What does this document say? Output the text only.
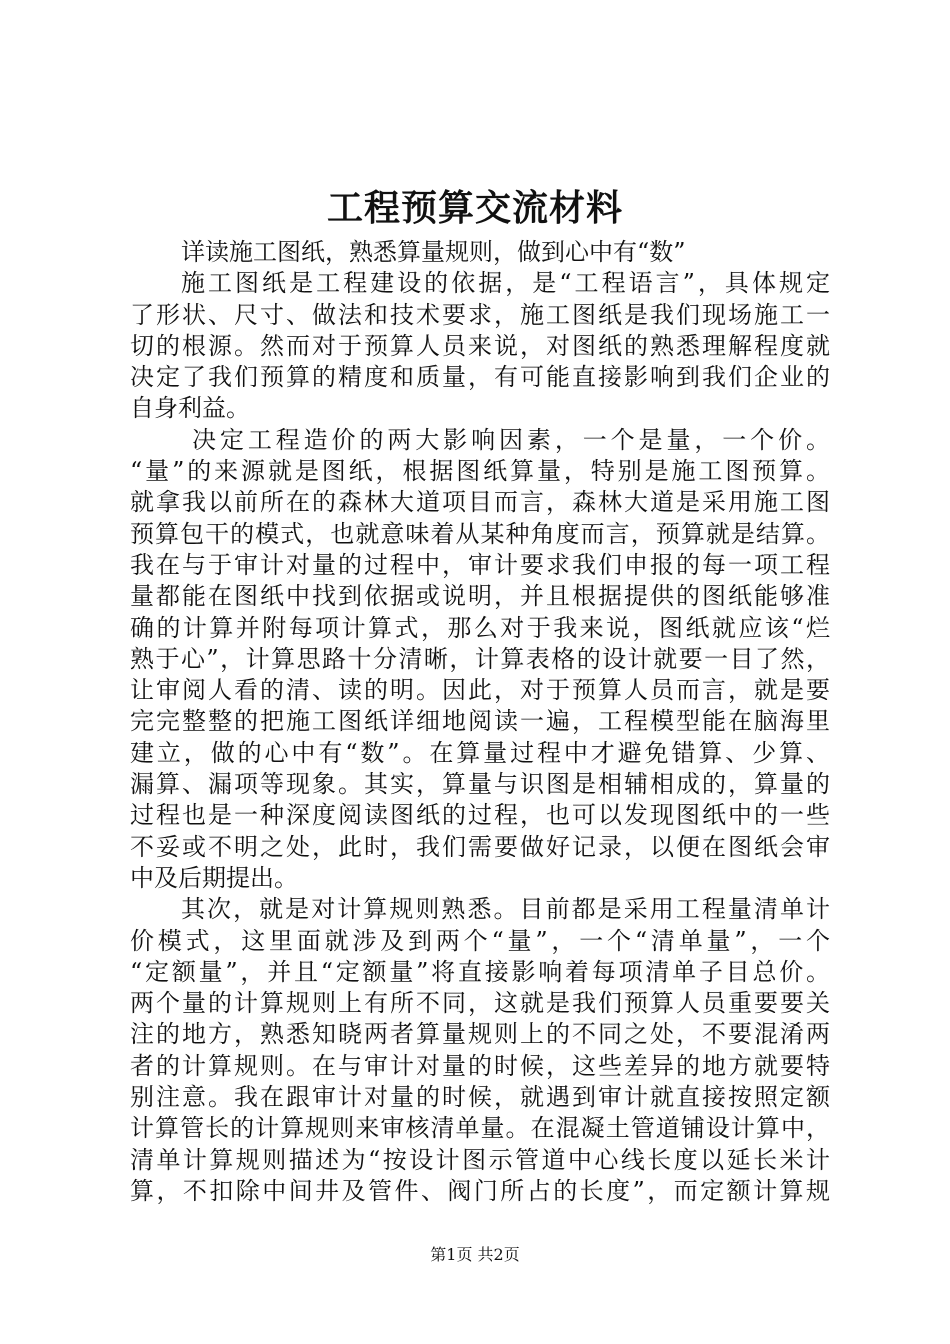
工程预算交流材料
详读施工图纸，熟悉算量规则，做到心中有“数”
施工图纸是工程建设的依据，是“工程语言”，具体规定
了形状、尺寸、做法和技术要求，施工图纸是我们现场施工一
切的根源。然而对于预算人员来说，对图纸的熟悉理解程度就
决定了我们预算的精度和质量，有可能直接影响到我们企业的
自身利益。
决定工程造价的两大影响因素，一个是量，一个价。
“量”的来源就是图纸，根据图纸算量，特别是施工图预算。
就拿我以前所在的森林大道项目而言，森林大道是采用施工图
预算包干的模式，也就意味着从某种角度而言，预算就是结算。
我在与于审计对量的过程中，审计要求我们申报的每一项工程
量都能在图纸中找到依据或说明，并且根据提供的图纸能够准
确的计算并附每项计算式，那么对于我来说，图纸就应该“烂
熟于心”，计算思路十分清晰，计算表格的设计就要一目了然，
让审阅人看的清、读的明。因此，对于预算人员而言，就是要
完完整整的把施工图纸详细地阅读一遍，工程模型能在脑海里
建立，做的心中有“数”。在算量过程中才避免错算、少算、
漏算、漏项等现象。其实，算量与识图是相辅相成的，算量的
过程也是一种深度阅读图纸的过程，也可以发现图纸中的一些
不妥或不明之处，此时，我们需要做好记录，以便在图纸会审
中及后期提出。
其次，就是对计算规则熟悉。目前都是采用工程量清单计
价模式，这里面就涉及到两个“量”，一个“清单量”，一个
“定额量”，并且“定额量”将直接影响着每项清单子目总价。
两个量的计算规则上有所不同，这就是我们预算人员重要要关
注的地方，熟悉知晓两者算量规则上的不同之处，不要混淆两
者的计算规则。在与审计对量的时候，这些差异的地方就要特
别注意。我在跟审计对量的时候，就遇到审计就直接按照定额
计算管长的计算规则来审核清单量。在混凝土管道铺设计算中，
清单计算规则描述为“按设计图示管道中心线长度以延长米计
算，不扣除中间井及管件、阀门所占的长度”，而定额计算规
第1页 共2页
